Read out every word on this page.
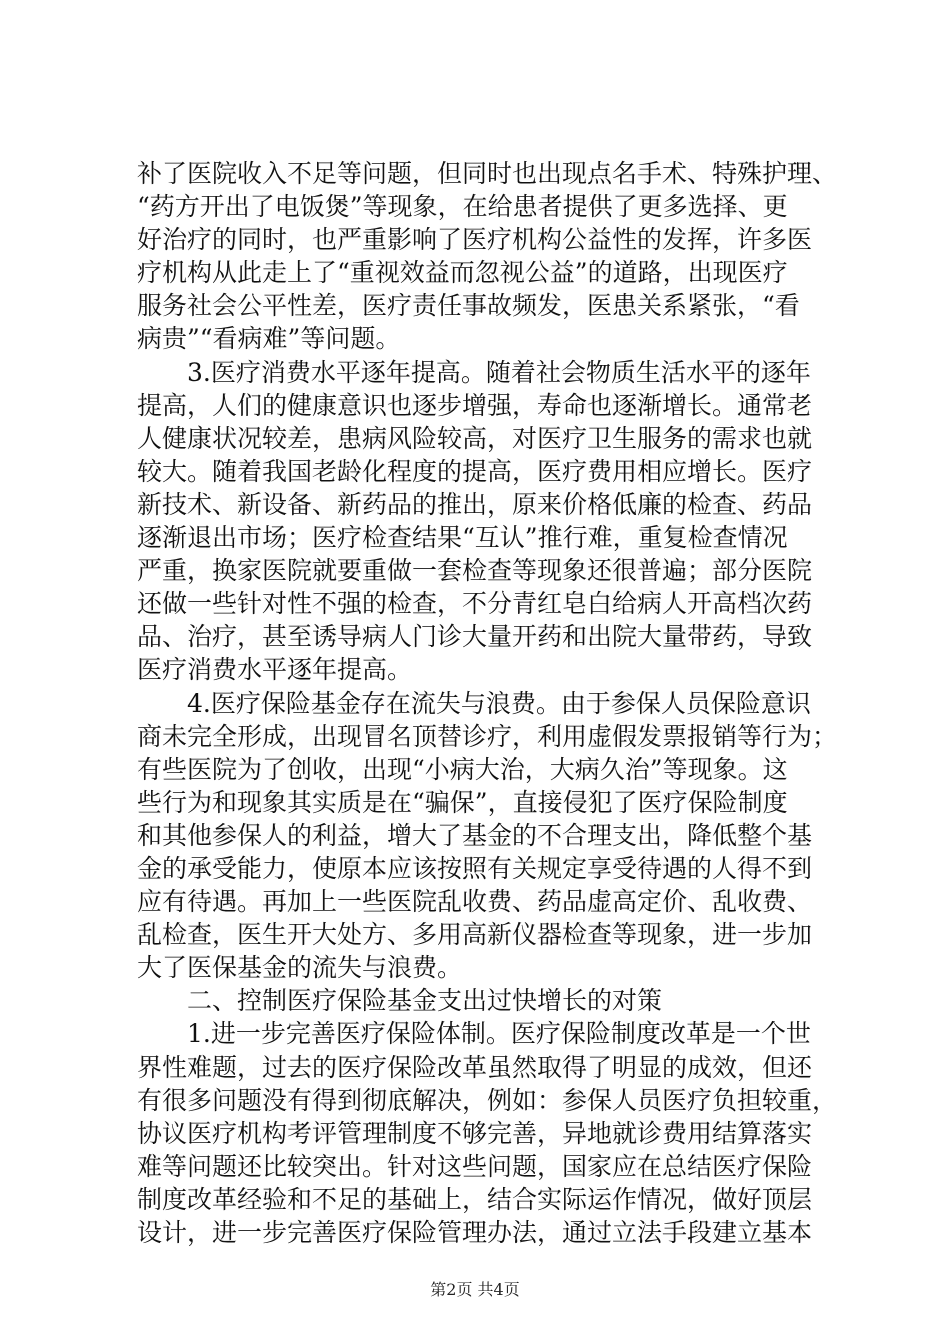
补了医院收入不足等问题，但同时也出现点名手术、特殊护理、
“药方开出了电饭煲”等现象，在给患者提供了更多选择、更
好治疗的同时，也严重影响了医疗机构公益性的发挥，许多医
疗机构从此走上了“重视效益而忽视公益”的道路，出现医疗
服务社会公平性差，医疗责任事故频发，医患关系紧张，“看
病贵”“看病难”等问题。
3.医疗消费水平逐年提高。随着社会物质生活水平的逐年
提高，人们的健康意识也逐步增强，寿命也逐渐增长。通常老
人健康状况较差，患病风险较高，对医疗卫生服务的需求也就
较大。随着我国老龄化程度的提高，医疗费用相应增长。医疗
新技术、新设备、新药品的推出，原来价格低廉的检查、药品
逐渐退出市场；医疗检查结果“互认”推行难，重复检查情况
严重，换家医院就要重做一套检查等现象还很普遍；部分医院
还做一些针对性不强的检查，不分青红皂白给病人开高档次药
品、治疗，甚至诱导病人门诊大量开药和出院大量带药，导致
医疗消费水平逐年提高。
4.医疗保险基金存在流失与浪费。由于参保人员保险意识
商未完全形成，出现冒名顶替诊疗，利用虚假发票报销等行为；
有些医院为了创收，出现“小病大治，大病久治”等现象。这
些行为和现象其实质是在“骗保”，直接侵犯了医疗保险制度
和其他参保人的利益，增大了基金的不合理支出，降低整个基
金的承受能力，使原本应该按照有关规定享受待遇的人得不到
应有待遇。再加上一些医院乱收费、药品虚高定价、乱收费、
乱检查，医生开大处方、多用高新仪器检查等现象，进一步加
大了医保基金的流失与浪费。
二、控制医疗保险基金支出过快增长的对策
1.进一步完善医疗保险体制。医疗保险制度改革是一个世
界性难题，过去的医疗保险改革虽然取得了明显的成效，但还
有很多问题没有得到彻底解决，例如：参保人员医疗负担较重，
协议医疗机构考评管理制度不够完善，异地就诊费用结算落实
难等问题还比较突出。针对这些问题，国家应在总结医疗保险
制度改革经验和不足的基础上，结合实际运作情况，做好顶层
设计，进一步完善医疗保险管理办法，通过立法手段建立基本
第2页 共4页
